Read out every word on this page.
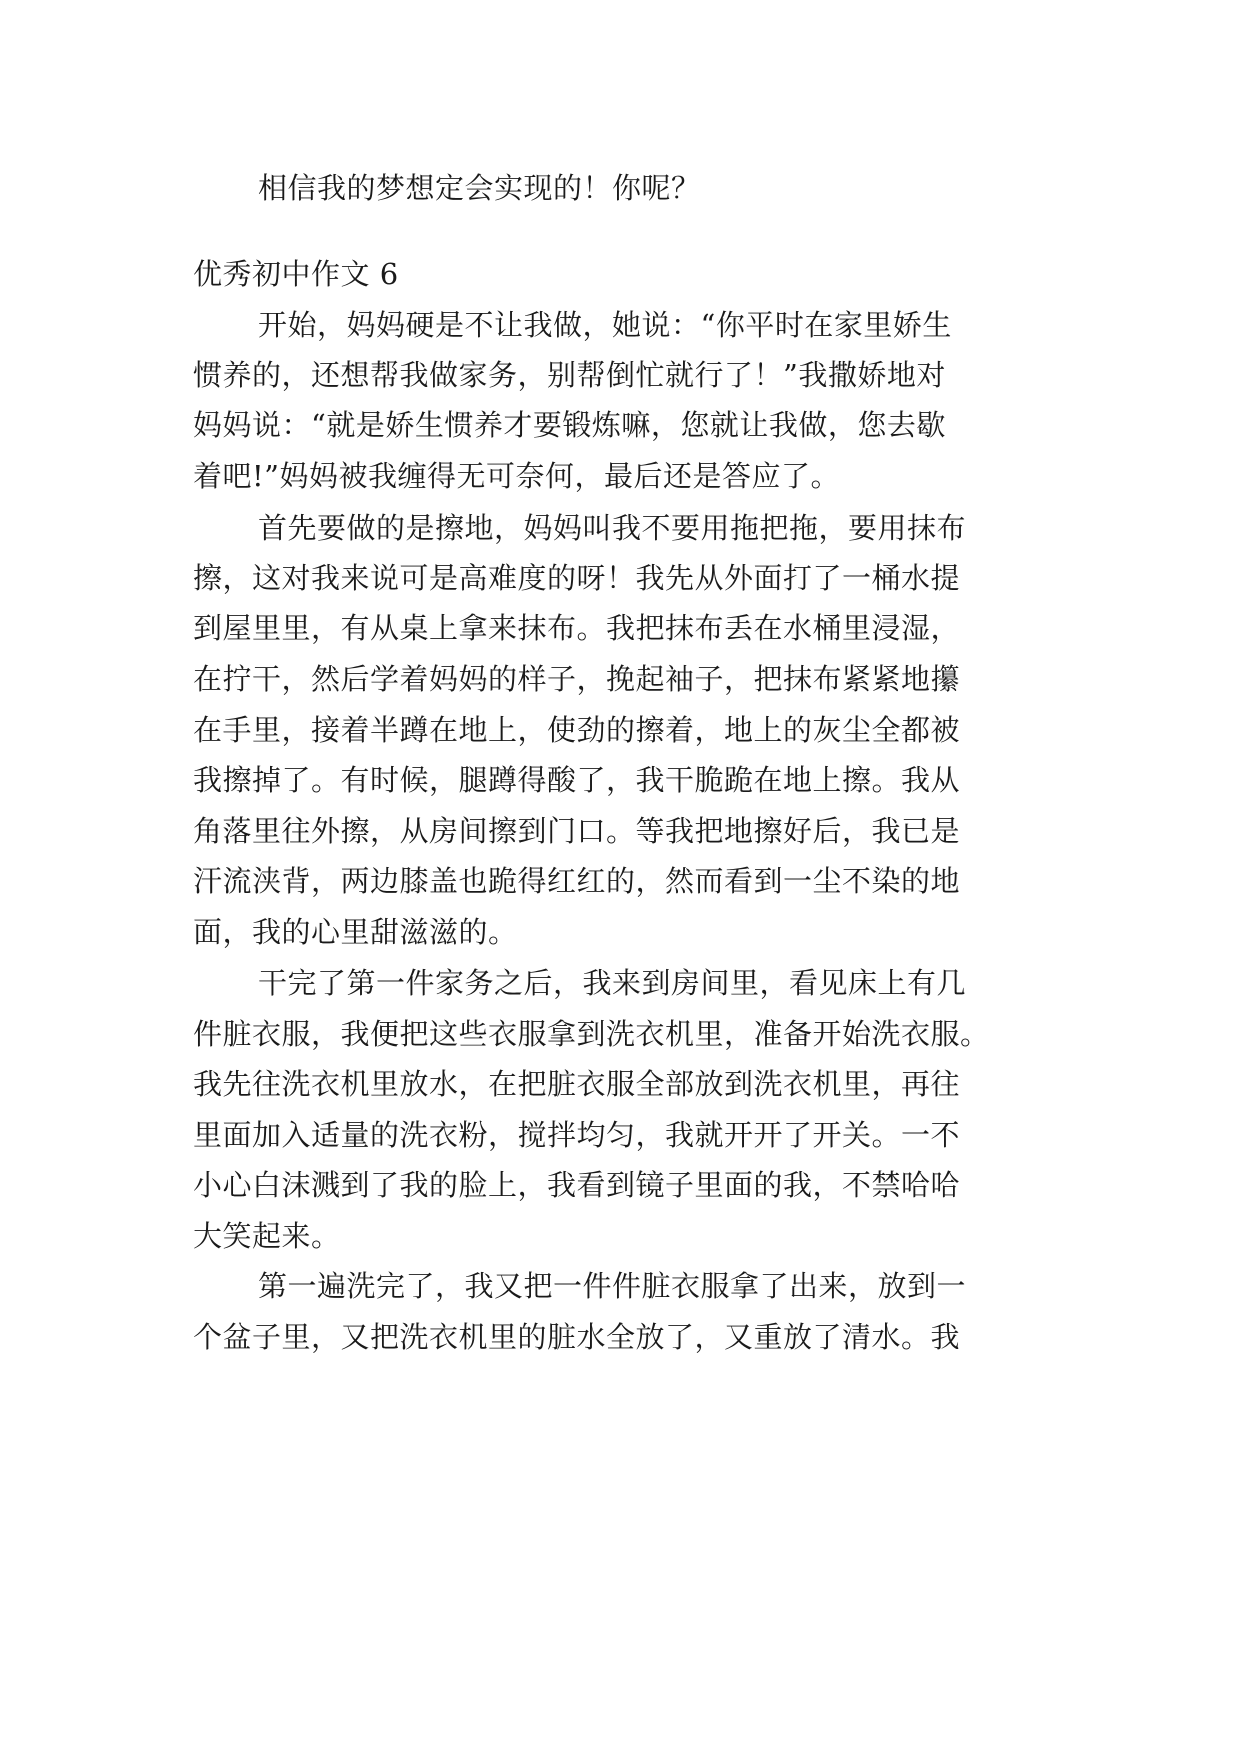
相信我的梦想定会实现的！你呢？
优秀初中作文 6
开始，妈妈硬是不让我做，她说：“你平时在家里娇生
惯养的，还想帮我做家务，别帮倒忙就行了！”我撒娇地对
妈妈说：“就是娇生惯养才要锻炼嘛，您就让我做，您去歇
着吧!”妈妈被我缠得无可奈何，最后还是答应了。
首先要做的是擦地，妈妈叫我不要用拖把拖，要用抹布
擦，这对我来说可是高难度的呀！我先从外面打了一桶水提
到屋里里，有从桌上拿来抹布。我把抹布丢在水桶里浸湿，
在拧干，然后学着妈妈的样子，挽起袖子，把抹布紧紧地攥
在手里，接着半蹲在地上，使劲的擦着，地上的灰尘全都被
我擦掉了。有时候，腿蹲得酸了，我干脆跪在地上擦。我从
角落里往外擦，从房间擦到门口。等我把地擦好后，我已是
汗流浃背，两边膝盖也跪得红红的，然而看到一尘不染的地
面，我的心里甜滋滋的。
干完了第一件家务之后，我来到房间里，看见床上有几
件脏衣服，我便把这些衣服拿到洗衣机里，准备开始洗衣服。
我先往洗衣机里放水，在把脏衣服全部放到洗衣机里，再往
里面加入适量的洗衣粉，搅拌均匀，我就开开了开关。一不
小心白沫溅到了我的脸上，我看到镜子里面的我，不禁哈哈
大笑起来。
第一遍洗完了，我又把一件件脏衣服拿了出来，放到一
个盆子里，又把洗衣机里的脏水全放了，又重放了清水。我
